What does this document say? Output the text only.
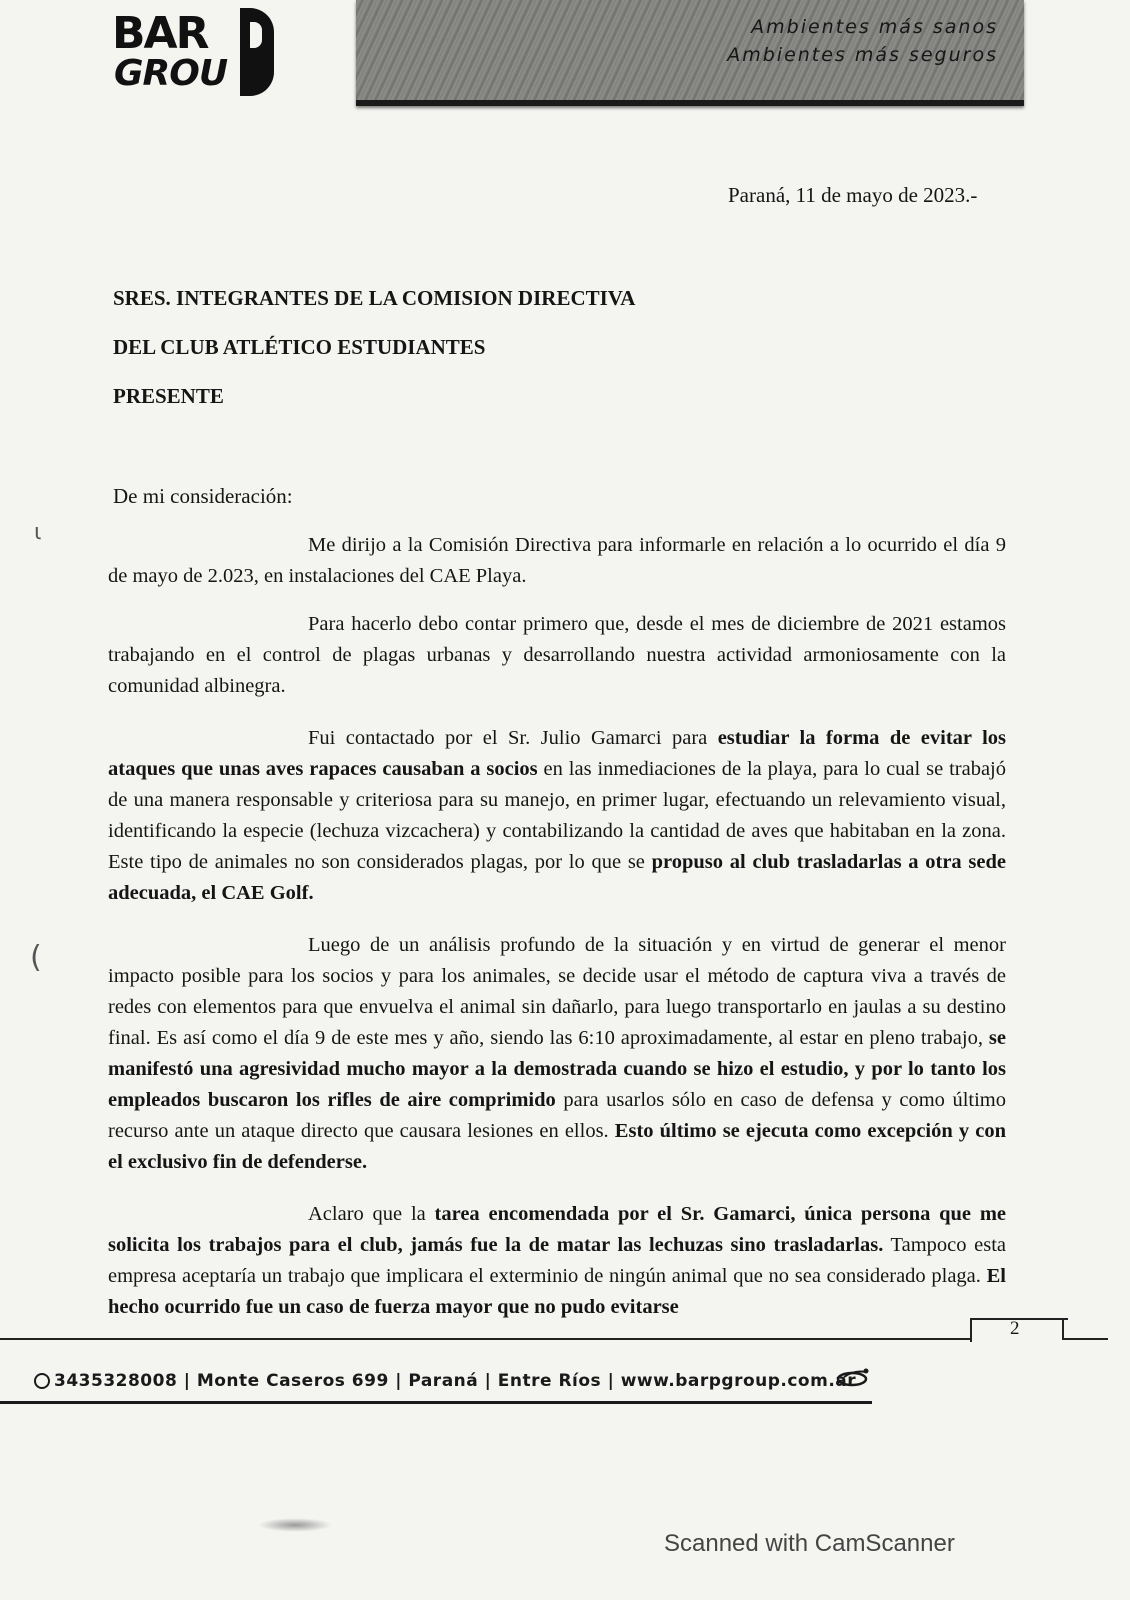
BAR
GROU
Ambientes más sanos
Ambientes más seguros
Paraná, 11 de mayo de 2023.-
SRES. INTEGRANTES DE LA COMISION DIRECTIVA
DEL CLUB ATLÉTICO ESTUDIANTES
PRESENTE
De mi consideración:
ι
(

Me dirijo a la Comisión Directiva para informarle en relación a lo ocurrido el día 9 de mayo de 2.023, en instalaciones del CAE Playa.

Para hacerlo debo contar primero que, desde el mes de diciembre de 2021 estamos trabajando en el control de plagas urbanas y desarrollando nuestra actividad armoniosamente con la comunidad albinegra.

Fui contactado por el Sr. Julio Gamarci para estudiar la forma de evitar los ataques que unas aves rapaces causaban a socios en las inmediaciones de la playa, para lo cual se trabajó de una manera responsable y criteriosa para su manejo, en primer lugar, efectuando un relevamiento visual, identificando la especie (lechuza vizcachera) y contabilizando la cantidad de aves que habitaban en la zona. Este tipo de animales no son considerados plagas, por lo que se propuso al club trasladarlas a otra sede adecuada, el CAE Golf.

Luego de un análisis profundo de la situación y en virtud de generar el menor impacto posible para los socios y para los animales, se decide usar el método de captura viva a través de redes con elementos para que envuelva el animal sin dañarlo, para luego transportarlo en jaulas a su destino final. Es así como el día 9 de este mes y año, siendo las 6:10 aproximadamente, al estar en pleno trabajo, se manifestó una agresividad mucho mayor a la demostrada cuando se hizo el estudio, y por lo tanto los empleados buscaron los rifles de aire comprimido para usarlos sólo en caso de defensa y como último recurso ante un ataque directo que causara lesiones en ellos. Esto último se ejecuta como excepción y con el exclusivo fin de defenderse.

Aclaro que la tarea encomendada por el Sr. Gamarci, única persona que me solicita los trabajos para el club, jamás fue la de matar las lechuzas sino trasladarlas. Tampoco esta empresa aceptaría un trabajo que implicara el exterminio de ningún animal que no sea considerado plaga. El hecho ocurrido fue un caso de fuerza mayor que no pudo evitarse

2
3435328008 | Monte Caseros 699 | Paraná | Entre Ríos | www.barpgroup.com.ar
Scanned with CamScanner
